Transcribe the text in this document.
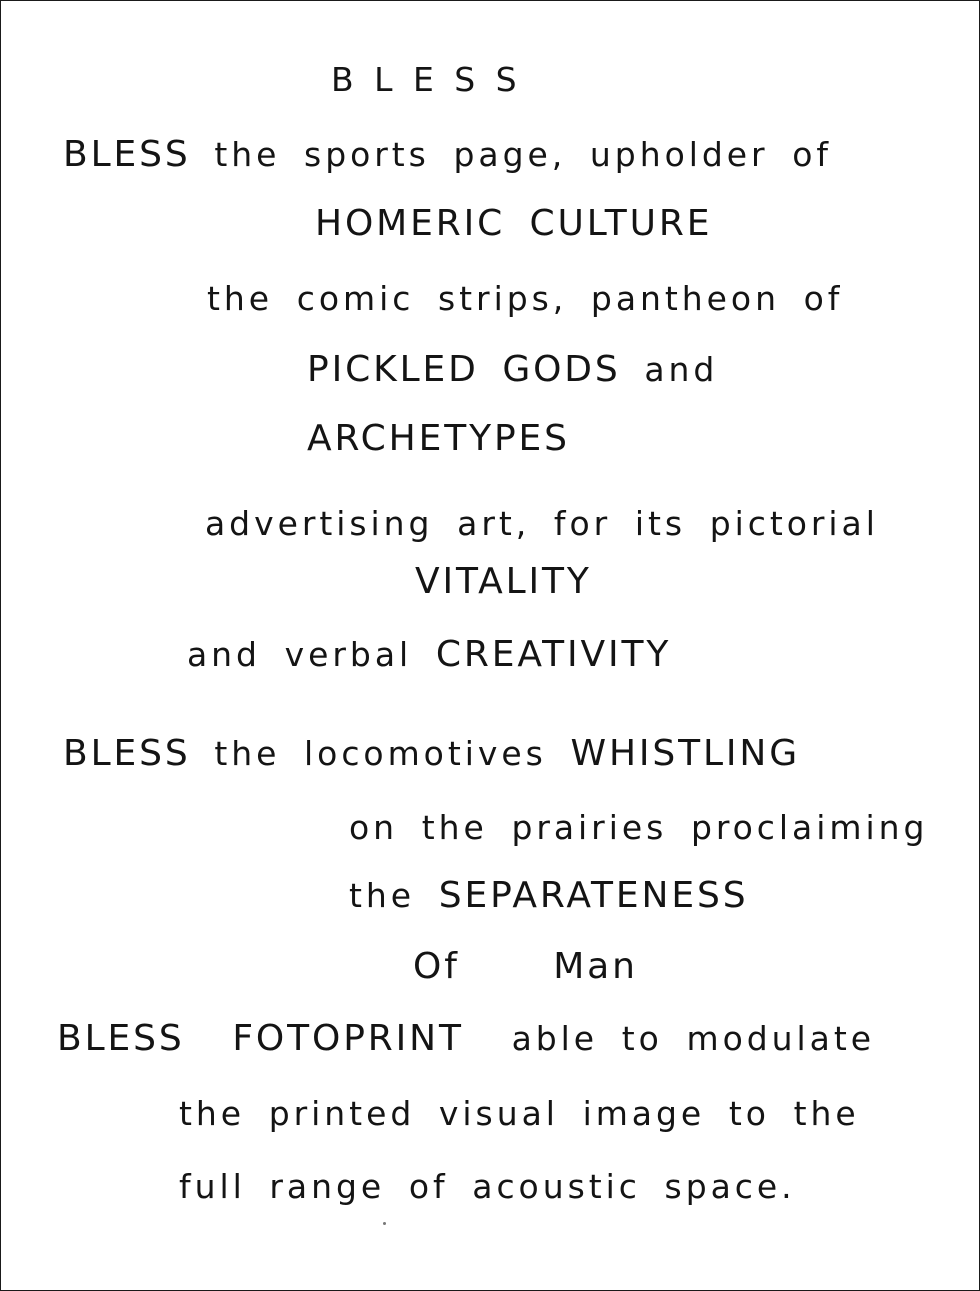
BLESS
BLESS the sports page, upholder of
HOMERIC CULTURE
the comic strips, pantheon of
PICKLED GODS and
ARCHETYPES
advertising art, for its pictorial
VITALITY
and verbal CREATIVITY
BLESS the locomotives WHISTLING
on the prairies proclaiming
the SEPARATENESS
Of  Man
BLESS FOTOPRINT able to modulate
the printed visual image to the
full range of acoustic space.
